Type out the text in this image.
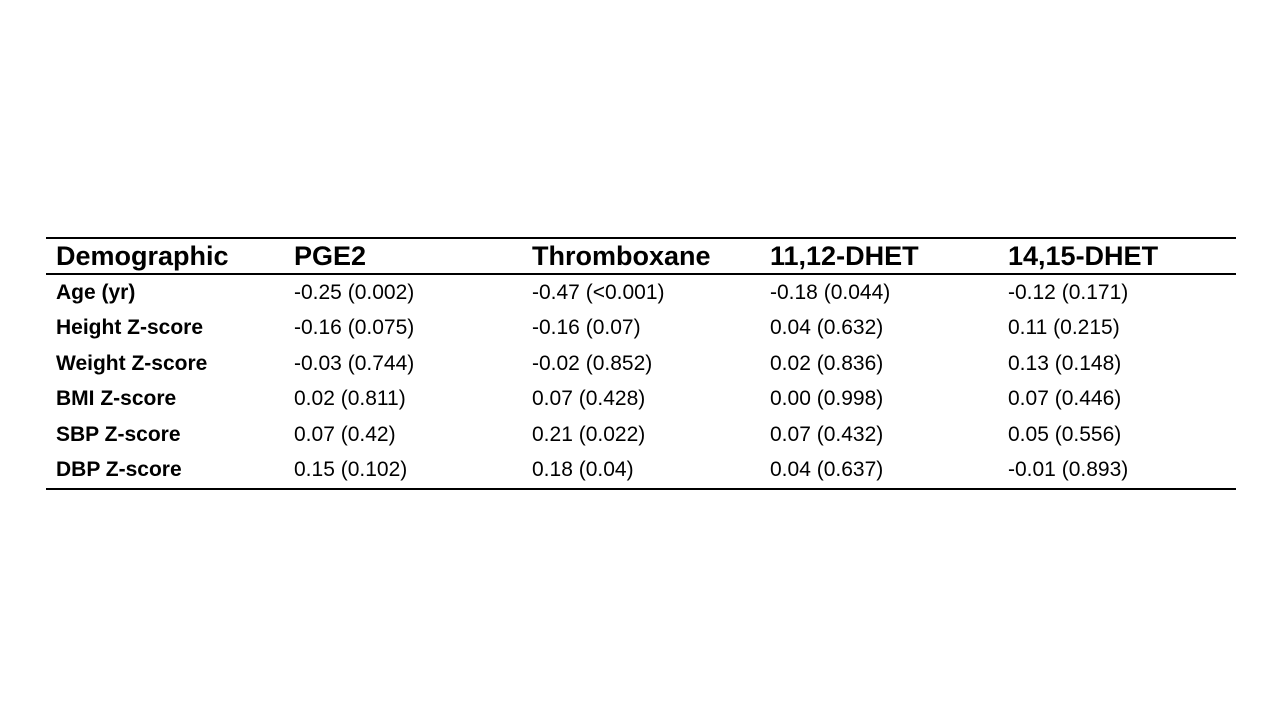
Demographic	PGE2	Thromboxane	11,12-DHET	14,15-DHET
Age (yr)	-0.25 (0.002)	-0.47 (<0.001)	-0.18 (0.044)	-0.12 (0.171)
Height Z-score	-0.16 (0.075)	-0.16 (0.07)	0.04 (0.632)	0.11 (0.215)
Weight Z-score	-0.03 (0.744)	-0.02 (0.852)	0.02 (0.836)	0.13 (0.148)
BMI Z-score	0.02 (0.811)	0.07 (0.428)	0.00 (0.998)	0.07 (0.446)
SBP Z-score	0.07 (0.42)	0.21 (0.022)	0.07 (0.432)	0.05 (0.556)
DBP Z-score	0.15 (0.102)	0.18 (0.04)	0.04 (0.637)	-0.01 (0.893)
